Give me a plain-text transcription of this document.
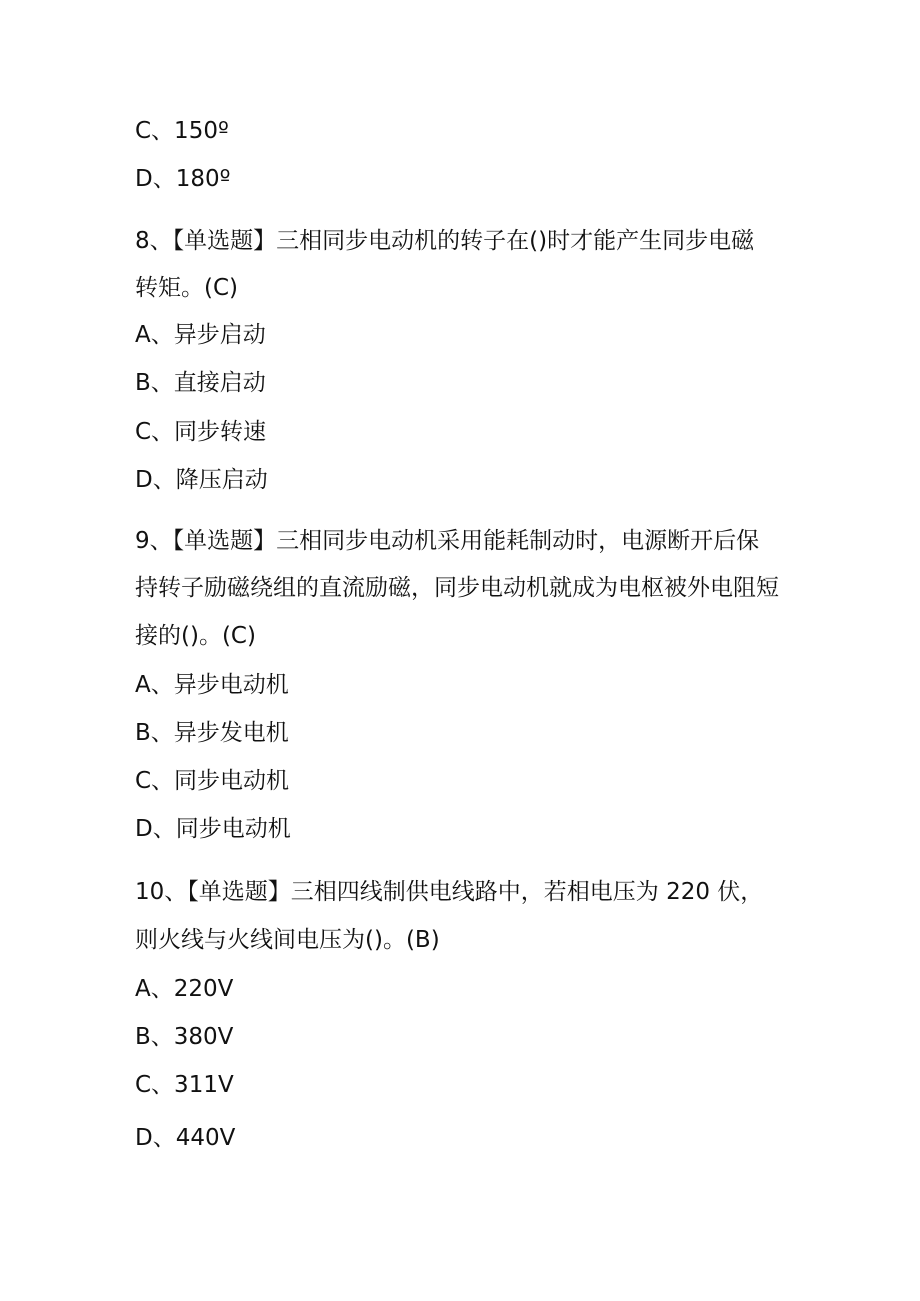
C、150º

D、180º

8、【单选题】三相同步电动机的转子在()时才能产生同步电磁

转矩。(C)

A、异步启动

B、直接启动

C、同步转速

D、降压启动

9、【单选题】三相同步电动机采用能耗制动时，电源断开后保

持转子励磁绕组的直流励磁，同步电动机就成为电枢被外电阻短

接的()。(C)

A、异步电动机

B、异步发电机

C、同步电动机

D、同步电动机

10、【单选题】三相四线制供电线路中，若相电压为 220 伏，

则火线与火线间电压为()。(B)

A、220V

B、380V

C、311V

D、440V
